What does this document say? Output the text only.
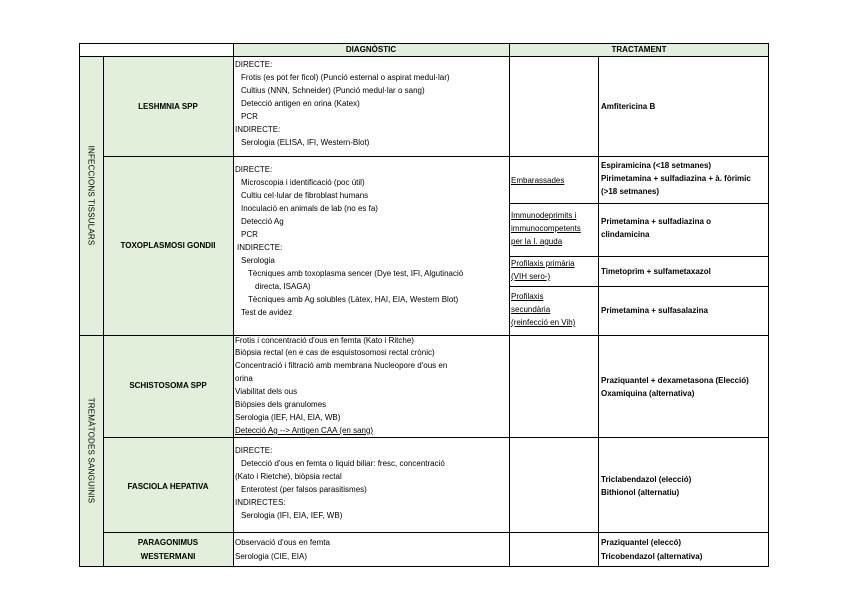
DIAGNÒSTIC	TRACTAMENT
INFECCIONS TISSULARS
TREMÀTODES SANGUINIS
LESHMNIA SPP
DIRECTE:
Frotis (es pot fer ficol) (Punció esternal o aspirat medul·lar)
Cultius (NNN, Schneider) (Punció medul·lar o sang)
Detecció antigen en orina (Katex)
PCR
INDIRECTE:
Serologia (ELISA, IFI, Western-Blot)
Amfitericina B
TOXOPLASMOSI GONDII
DIRECTE:
Microscopia i identificació (poc útil)
Cultiu cel·lular de fibroblast humans
Inoculació en animals de lab (no es fa)
Detecció Ag
PCR
INDIRECTE:
Serologia
Tècniques amb toxoplasma sencer (Dye test, IFI, Algutinació
directa, ISAGA)
Tècniques amb Ag solubles (Làtex, HAI, EIA, Western Blot)
Test de avidez
Embarassades
Espiramicina (<18 setmanes)
Pirimetamina + sulfadiazina + à. fòrimic
(>18 setmanes)
Immunodeprimits i
immunocompetents
per la I. aguda
Primetamina + sulfadiazina o
clindamicina
Profilaxis primària
(VIH sero-)
Timetoprim + sulfametaxazol
Profilaxis
secundària
(reinfecció en Vih)
Primetamina + sulfasalazina
SCHISTOSOMA SPP
Frotis i concentració d'ous en femta (Kato i Ritche)
Biòpsia rectal (en e cas de esquistosomosi rectal crònic)
Concentració i filtració amb membrana Nucleopore d'ous en
orina
Viabilitat dels ous
Biòpsies dels granulomes
Serologia (IEF, HAI, EIA, WB)
Detecció Ag --> Antigen CAA (en sang)
Praziquantel + dexametasona (Elecció)
Oxamiquina (alternativa)
FASCIOLA HEPATIVA
DIRECTE:
Detecció d'ous en femta o liquid biliar: fresc, concentració
(Kato i Rietche), biòpsia rectal
Enterotest (per falsos parasitismes)
INDIRECTES:
Serologia (IFI, EIA, IEF, WB)
Triclabendazol (elecció)
Bithionol (alternatiu)
PARAGONIMUS
WESTERMANI
Observació d'ous en femta
Serologia (CIE, EIA)
Praziquantel (eleccó)
Tricobendazol (alternativa)
